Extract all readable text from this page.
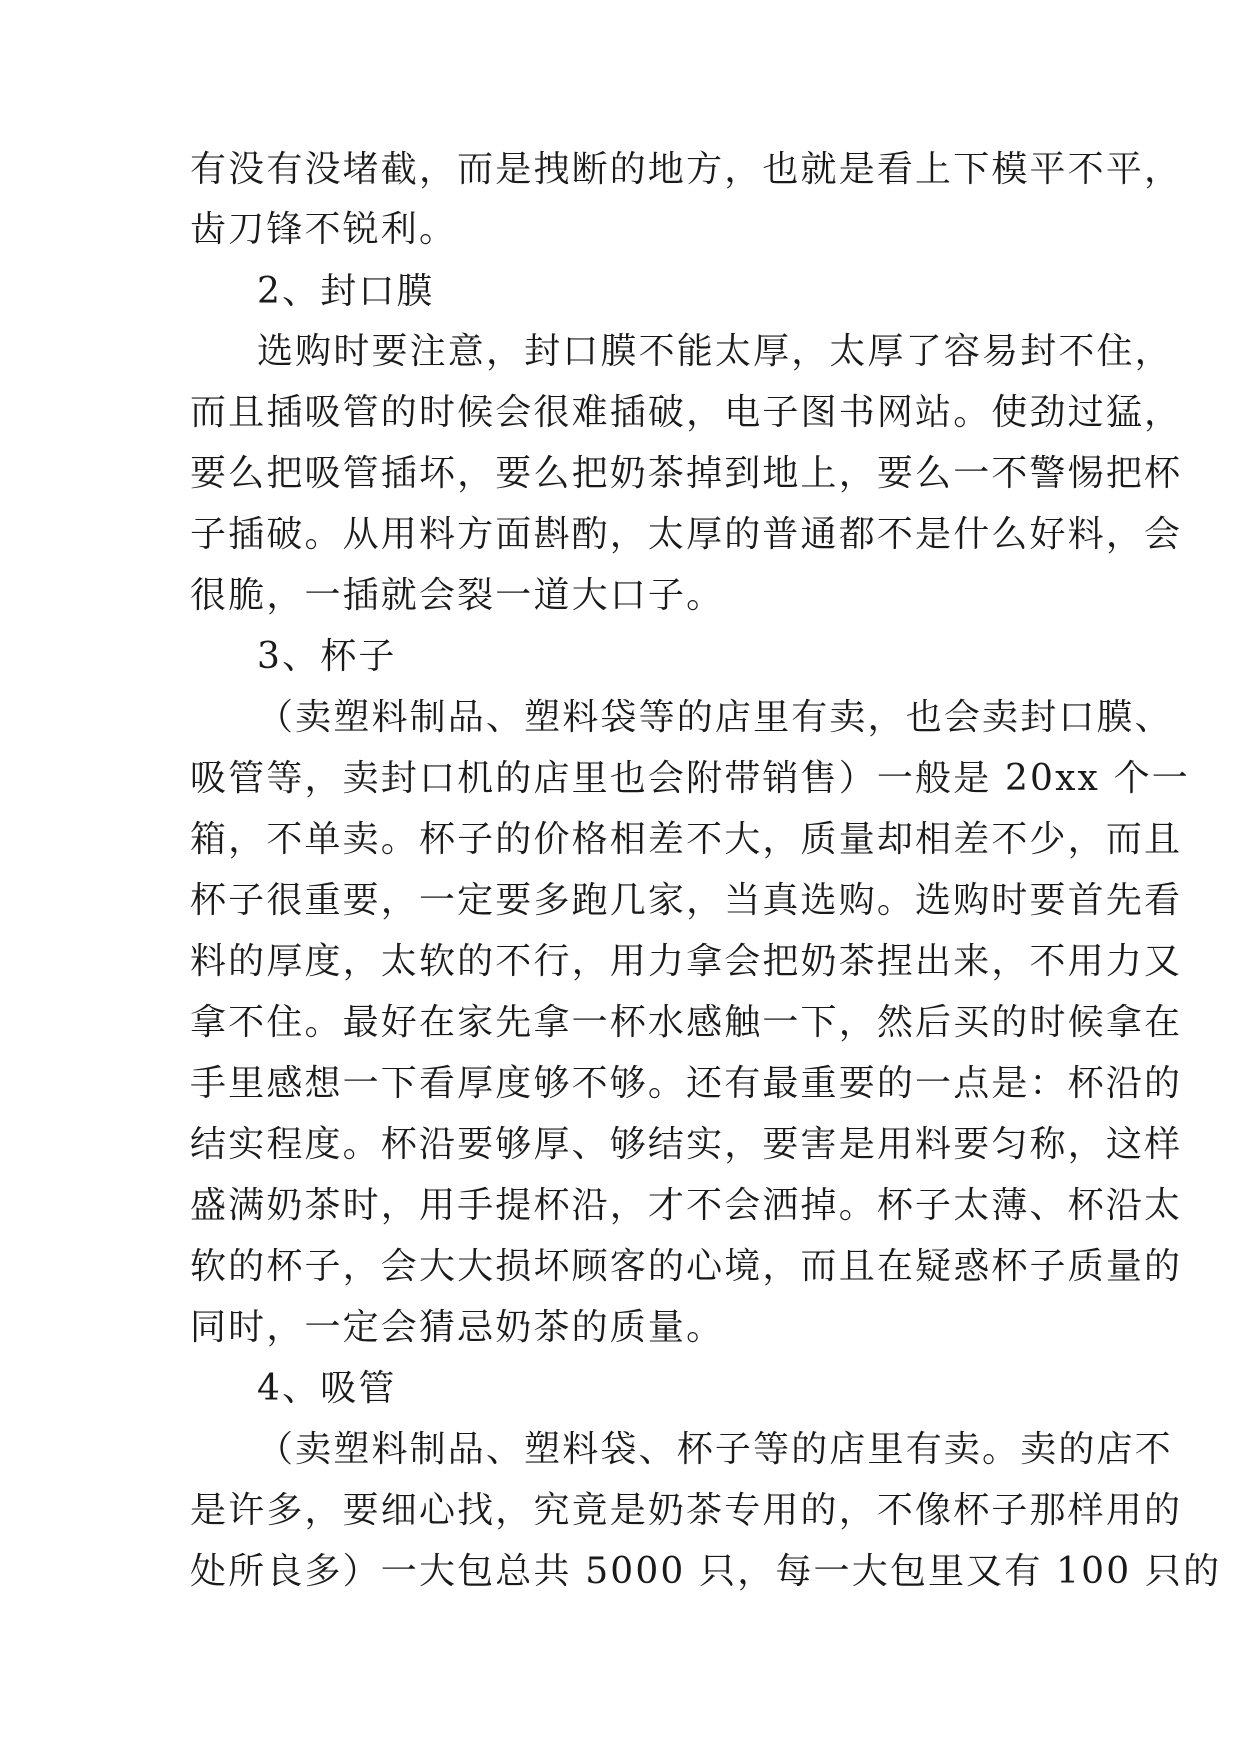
有没有没堵截，而是拽断的地方，也就是看上下模平不平，

齿刀锋不锐利。

2、封口膜

选购时要注意，封口膜不能太厚，太厚了容易封不住，

而且插吸管的时候会很难插破，电子图书网站。使劲过猛，

要么把吸管插坏，要么把奶茶掉到地上，要么一不警惕把杯

子插破。从用料方面斟酌，太厚的普通都不是什么好料，会

很脆，一插就会裂一道大口子。

3、杯子

（卖塑料制品、塑料袋等的店里有卖，也会卖封口膜、

吸管等，卖封口机的店里也会附带销售）一般是 20xx 个一

箱，不单卖。杯子的价格相差不大，质量却相差不少，而且

杯子很重要，一定要多跑几家，当真选购。选购时要首先看

料的厚度，太软的不行，用力拿会把奶茶捏出来，不用力又

拿不住。最好在家先拿一杯水感触一下，然后买的时候拿在

手里感想一下看厚度够不够。还有最重要的一点是：杯沿的

结实程度。杯沿要够厚、够结实，要害是用料要匀称，这样

盛满奶茶时，用手提杯沿，才不会洒掉。杯子太薄、杯沿太

软的杯子，会大大损坏顾客的心境，而且在疑惑杯子质量的

同时，一定会猜忌奶茶的质量。

4、吸管

（卖塑料制品、塑料袋、杯子等的店里有卖。卖的店不

是许多，要细心找，究竟是奶茶专用的，不像杯子那样用的

处所良多）一大包总共 5000 只，每一大包里又有 100 只的
